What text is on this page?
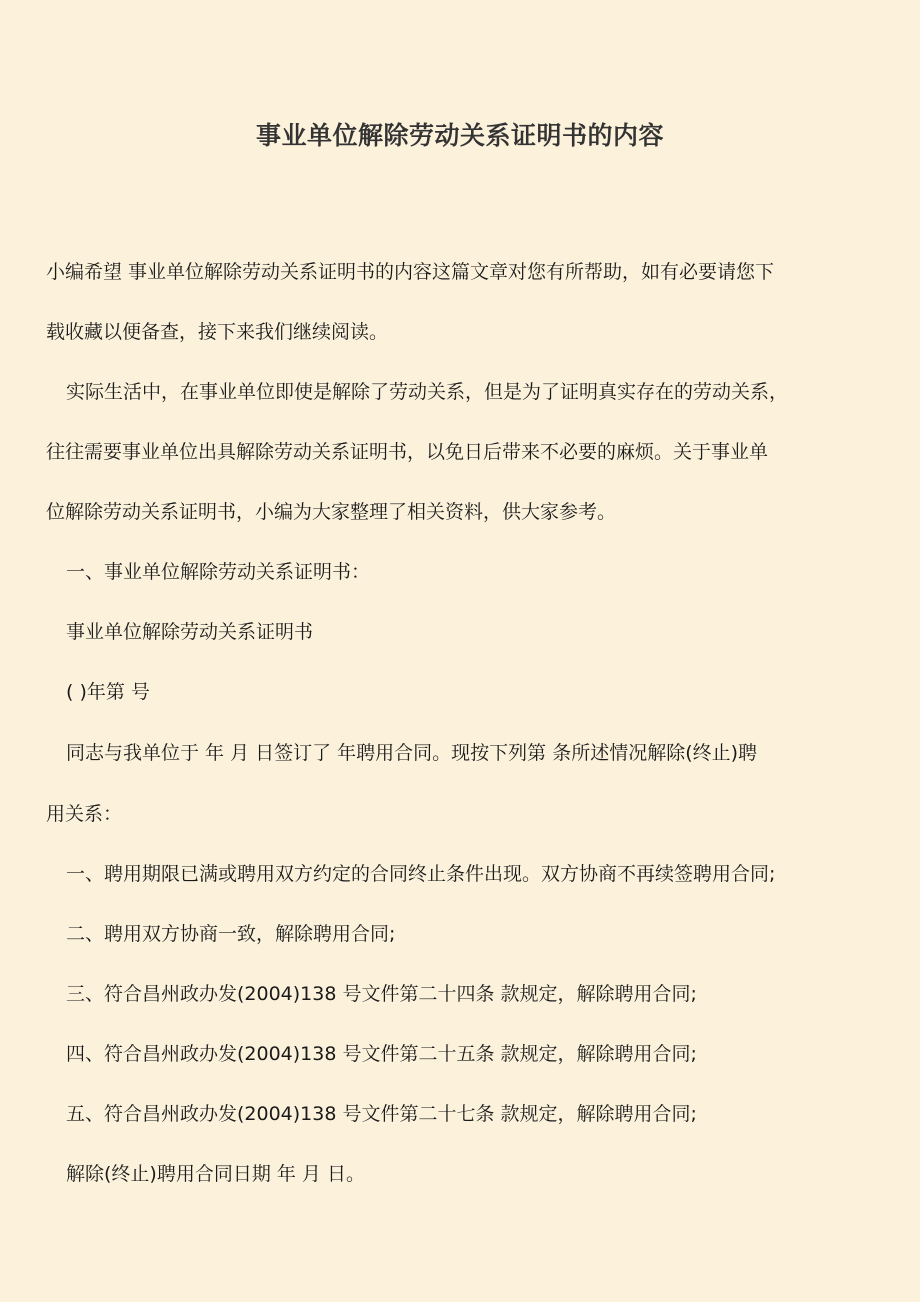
事业单位解除劳动关系证明书的内容
小编希望 事业单位解除劳动关系证明书的内容这篇文章对您有所帮助，如有必要请您下
载收藏以便备查，接下来我们继续阅读。
实际生活中，在事业单位即使是解除了劳动关系，但是为了证明真实存在的劳动关系，
往往需要事业单位出具解除劳动关系证明书，以免日后带来不必要的麻烦。关于事业单
位解除劳动关系证明书，小编为大家整理了相关资料，供大家参考。
一、事业单位解除劳动关系证明书：
事业单位解除劳动关系证明书
( )年第 号
同志与我单位于 年 月 日签订了 年聘用合同。现按下列第 条所述情况解除(终止)聘
用关系：
一、聘用期限已满或聘用双方约定的合同终止条件出现。双方协商不再续签聘用合同;
二、聘用双方协商一致，解除聘用合同;
三、符合昌州政办发(2004)138 号文件第二十四条 款规定，解除聘用合同;
四、符合昌州政办发(2004)138 号文件第二十五条 款规定，解除聘用合同;
五、符合昌州政办发(2004)138 号文件第二十七条 款规定，解除聘用合同;
解除(终止)聘用合同日期 年 月 日。
